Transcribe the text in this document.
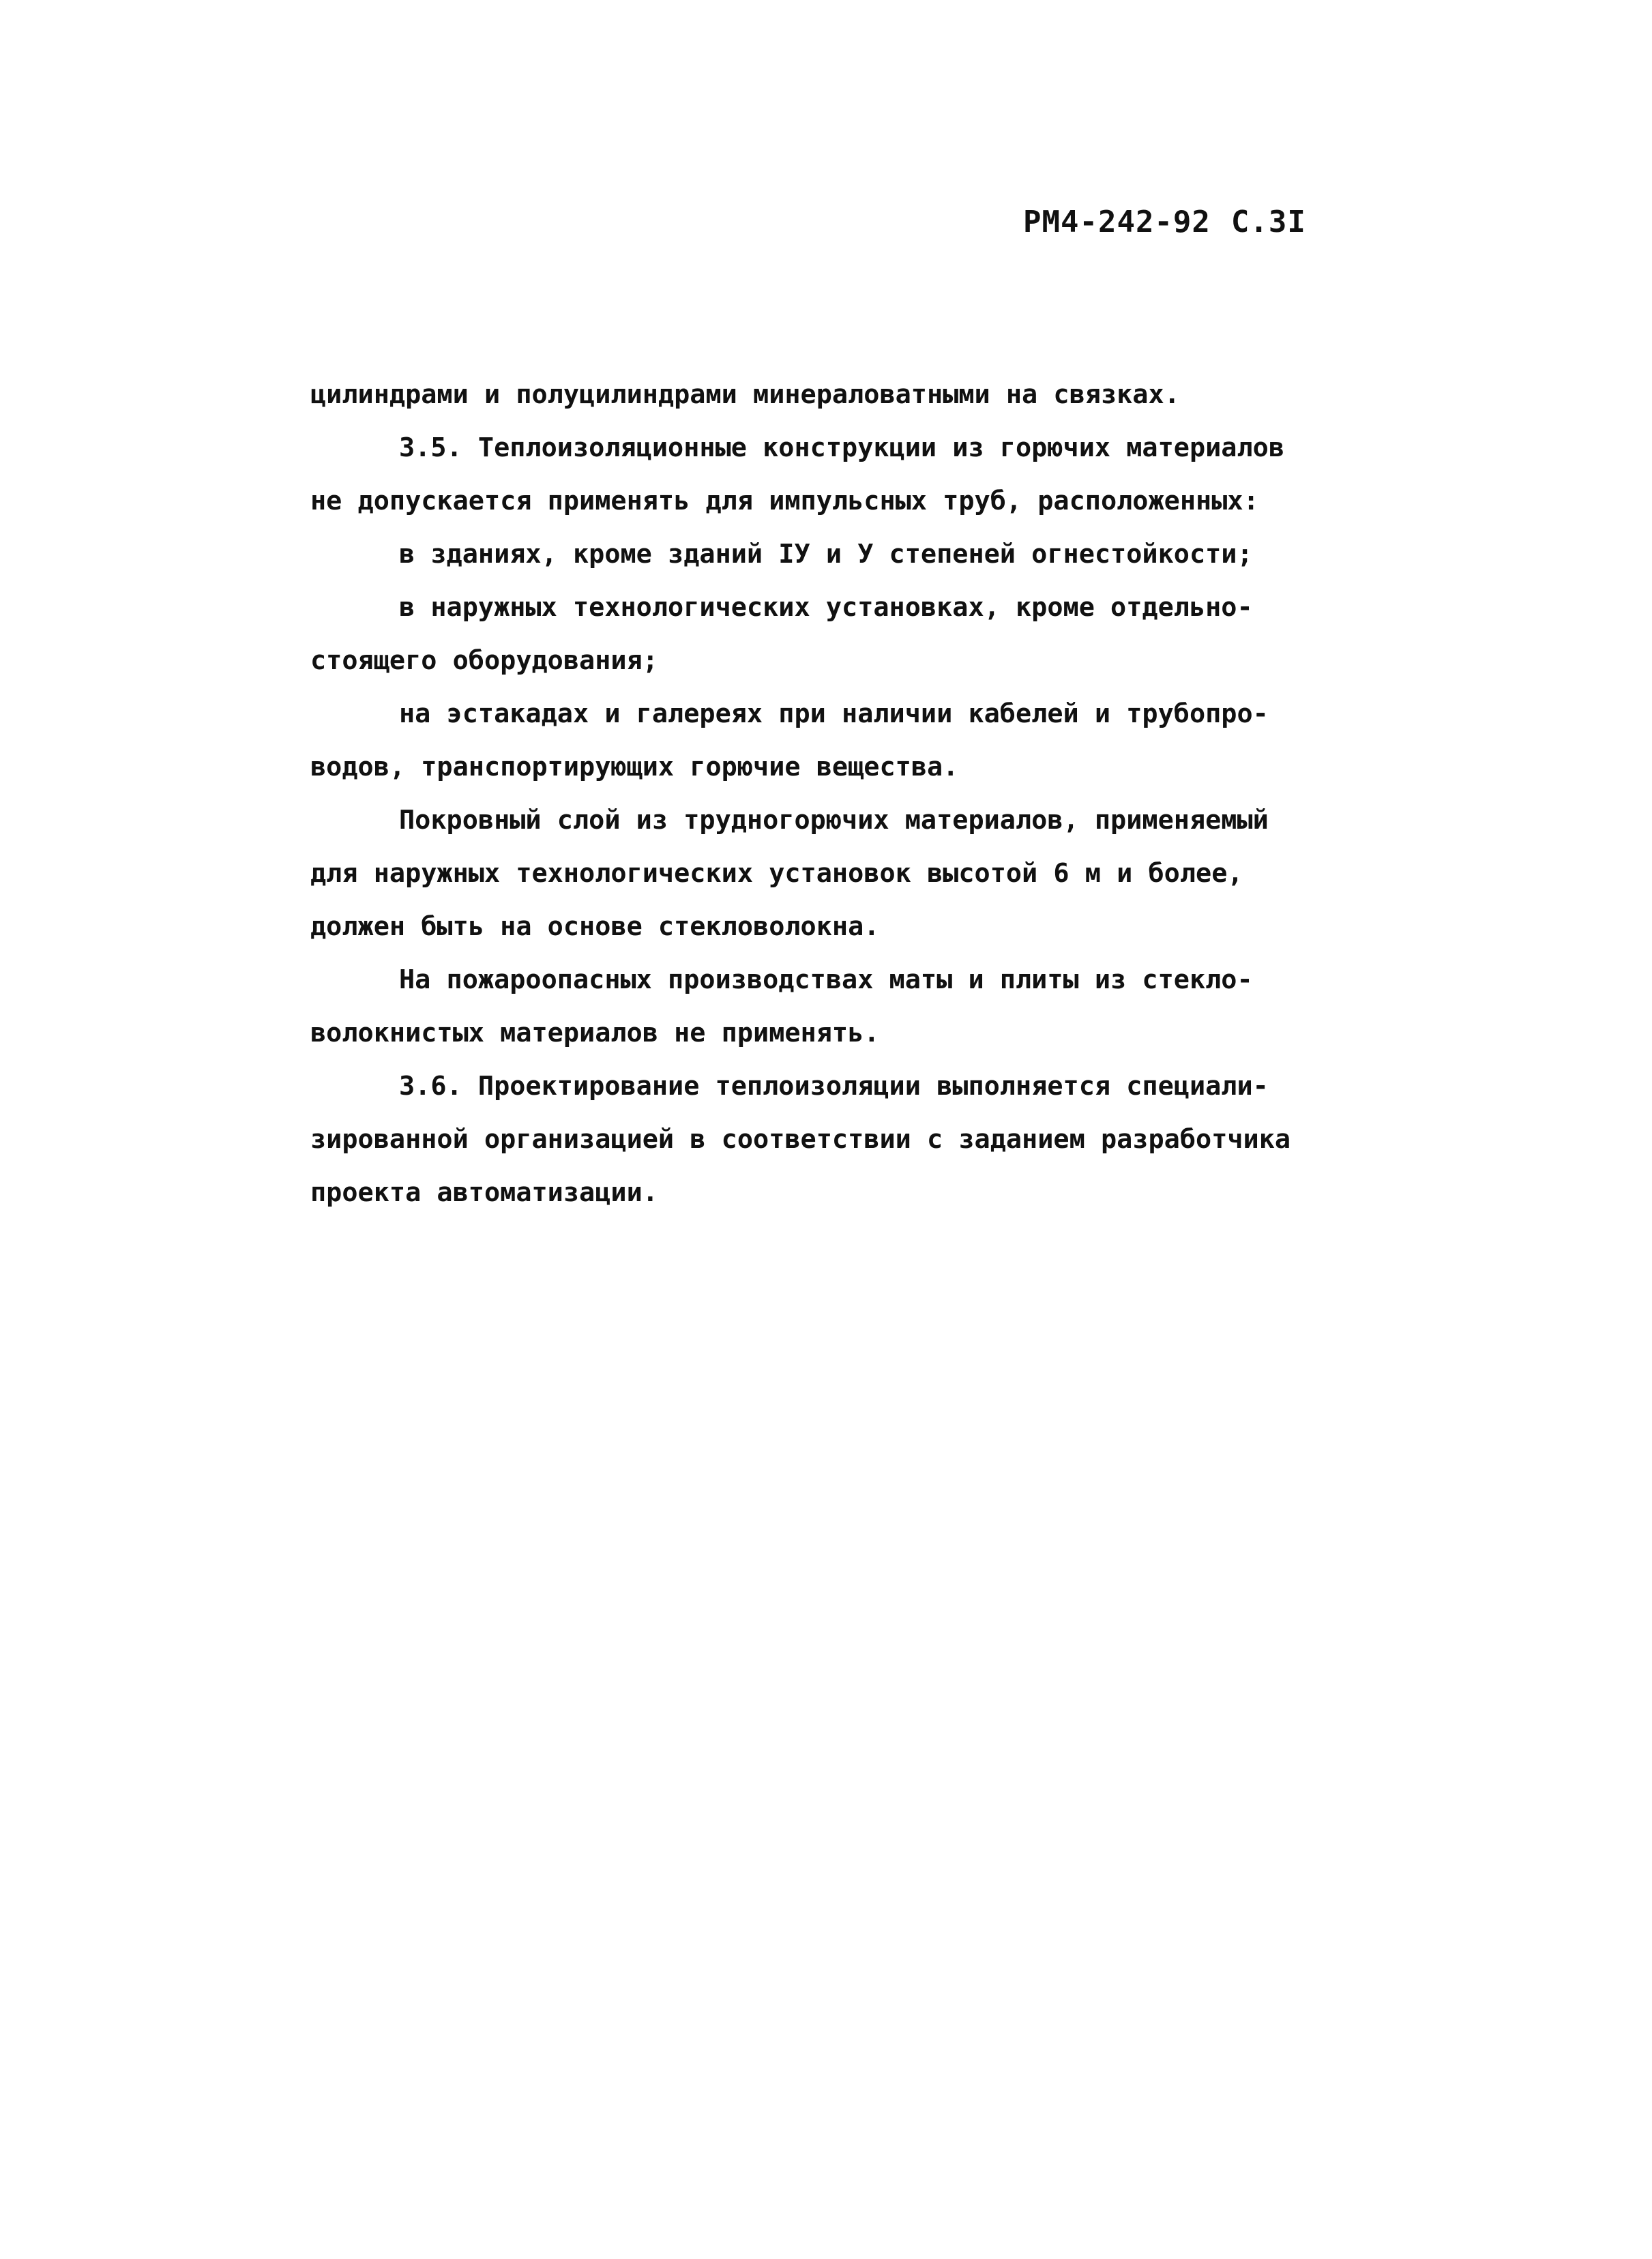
РМ4-242-92 С.3I
цилиндрами и полуцилиндрами минераловатными на связках.
3.5. Теплоизоляционные конструкции из горючих материалов
не допускается применять для импульсных труб, расположенных:
в зданиях, кроме зданий IУ и У степеней огнестойкости;
в наружных технологических установках, кроме отдельно-
стоящего оборудования;
на эстакадах и галереях при наличии кабелей и трубопро-
водов, транспортирующих горючие вещества.
Покровный слой из трудногорючих материалов, применяемый
для наружных технологических установок высотой 6 м и более,
должен быть на основе стекловолокна.
На пожароопасных производствах маты и плиты из стекло-
волокнистых материалов не применять.
3.6. Проектирование теплоизоляции выполняется специали-
зированной организацией в соответствии с заданием разработчика
проекта автоматизации.
